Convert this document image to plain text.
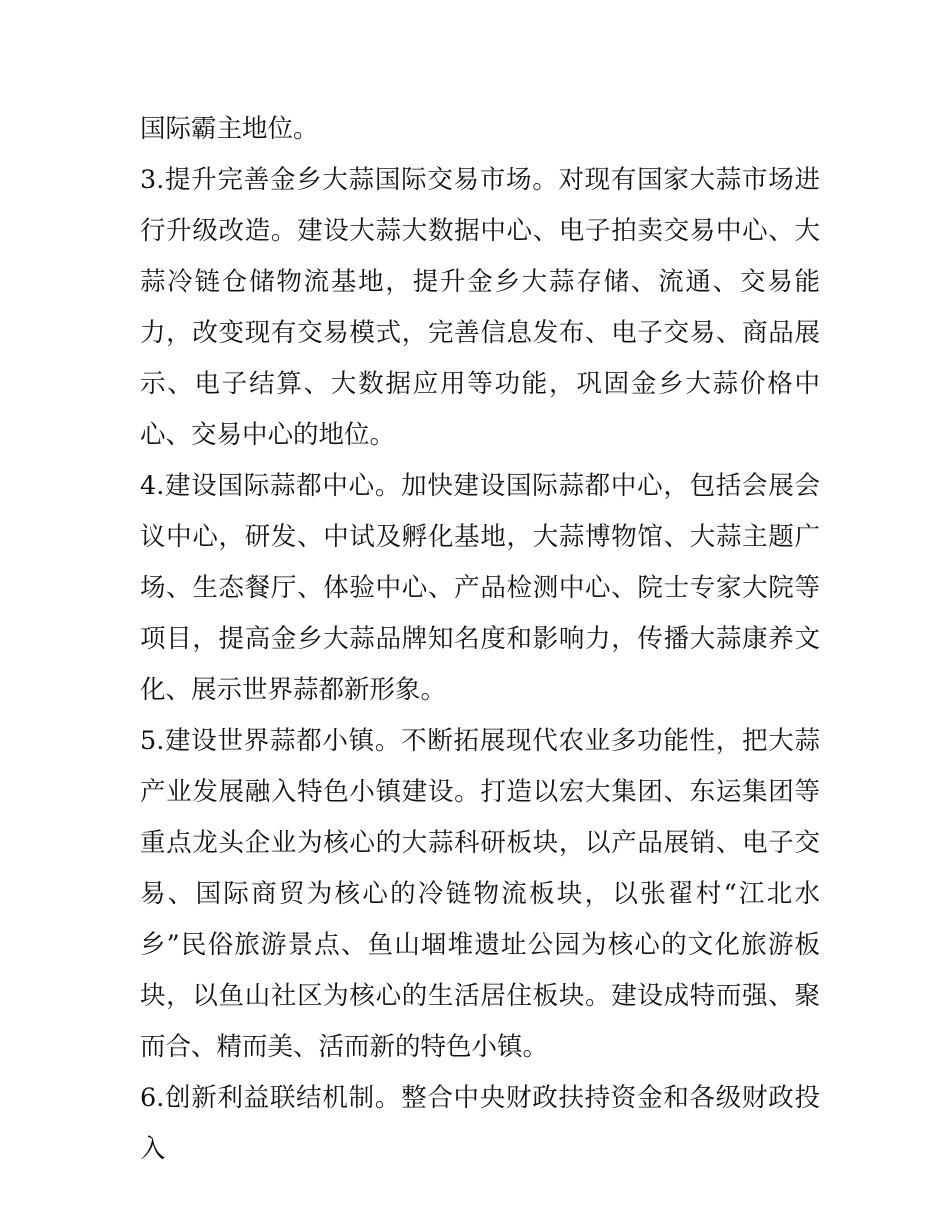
国际霸主地位。

3.提升完善金乡大蒜国际交易市场。对现有国家大蒜市场进行升级改造。建设大蒜大数据中心、电子拍卖交易中心、大蒜冷链仓储物流基地，提升金乡大蒜存储、流通、交易能力，改变现有交易模式，完善信息发布、电子交易、商品展示、电子结算、大数据应用等功能，巩固金乡大蒜价格中心、交易中心的地位。

4.建设国际蒜都中心。加快建设国际蒜都中心，包括会展会议中心，研发、中试及孵化基地，大蒜博物馆、大蒜主题广场、生态餐厅、体验中心、产品检测中心、院士专家大院等项目，提高金乡大蒜品牌知名度和影响力，传播大蒜康养文化、展示世界蒜都新形象。

5.建设世界蒜都小镇。不断拓展现代农业多功能性，把大蒜产业发展融入特色小镇建设。打造以宏大集团、东运集团等重点龙头企业为核心的大蒜科研板块，以产品展销、电子交易、国际商贸为核心的冷链物流板块，以张翟村“江北水乡”民俗旅游景点、鱼山堌堆遗址公园为核心的文化旅游板块，以鱼山社区为核心的生活居住板块。建设成特而强、聚而合、精而美、活而新的特色小镇。

6.创新利益联结机制。整合中央财政扶持资金和各级财政投入
